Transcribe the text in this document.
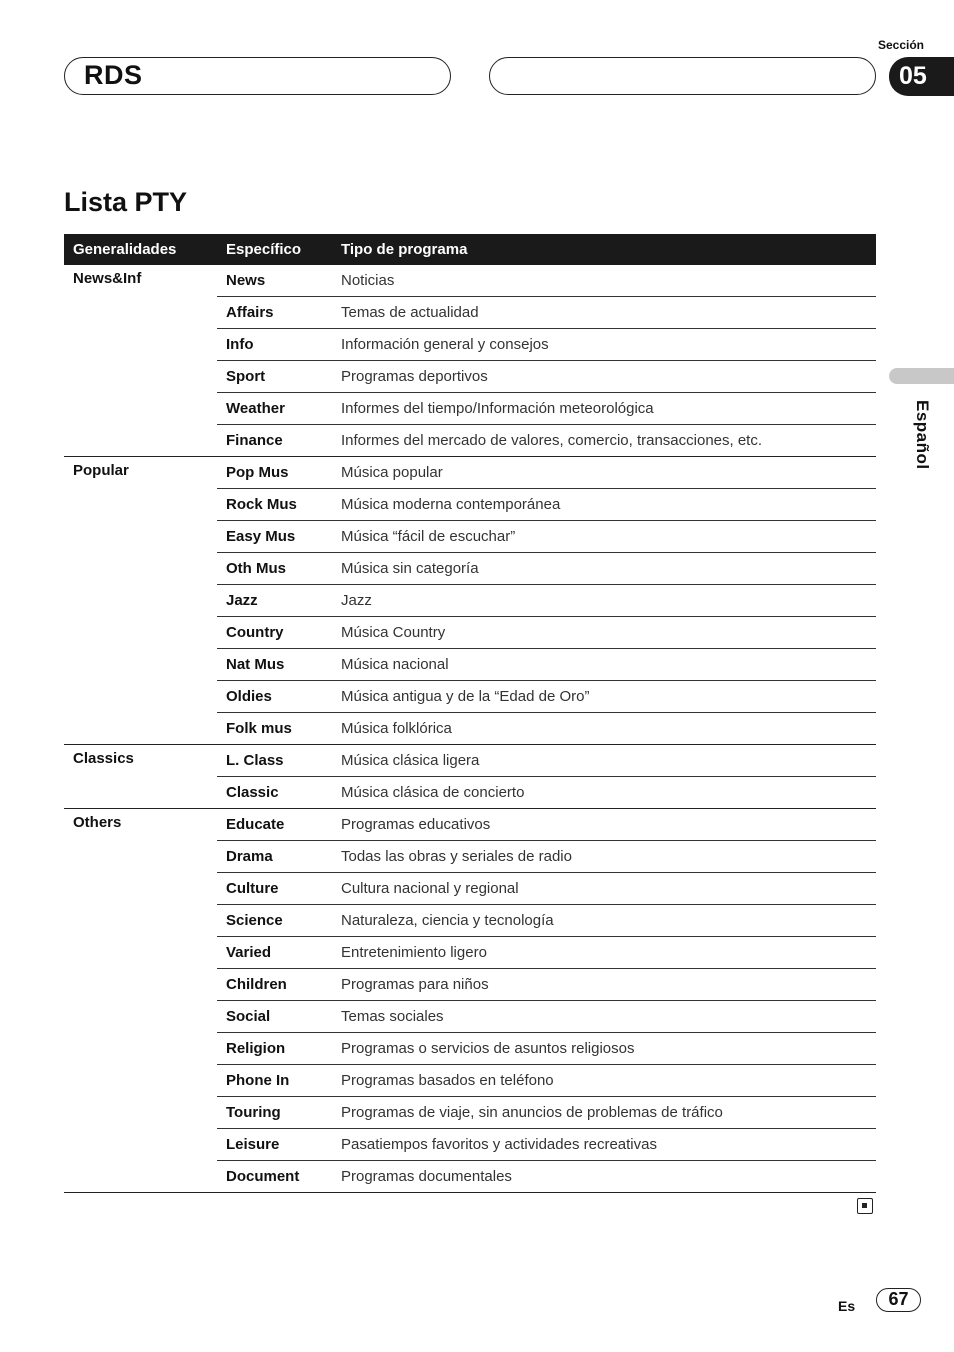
RDS
Sección
05
Lista PTY
Español
Generalidades	Específico	Tipo de programa
News&Inf	News	Noticias
	Affairs	Temas de actualidad
	Info	Información general y consejos
	Sport	Programas deportivos
	Weather	Informes del tiempo/Información meteorológica
	Finance	Informes del mercado de valores, comercio, transacciones, etc.
Popular	Pop Mus	Música popular
	Rock Mus	Música moderna contemporánea
	Easy Mus	Música “fácil de escuchar”
	Oth Mus	Música sin categoría
	Jazz	Jazz
	Country	Música Country
	Nat Mus	Música nacional
	Oldies	Música antigua y de la “Edad de Oro”
	Folk mus	Música folklórica
Classics	L. Class	Música clásica ligera
	Classic	Música clásica de concierto
Others	Educate	Programas educativos
	Drama	Todas las obras y seriales de radio
	Culture	Cultura nacional y regional
	Science	Naturaleza, ciencia y tecnología
	Varied	Entretenimiento ligero
	Children	Programas para niños
	Social	Temas sociales
	Religion	Programas o servicios de asuntos religiosos
	Phone In	Programas basados en teléfono
	Touring	Programas de viaje, sin anuncios de problemas de tráfico
	Leisure	Pasatiempos favoritos y actividades recreativas
	Document	Programas documentales
Es	67
